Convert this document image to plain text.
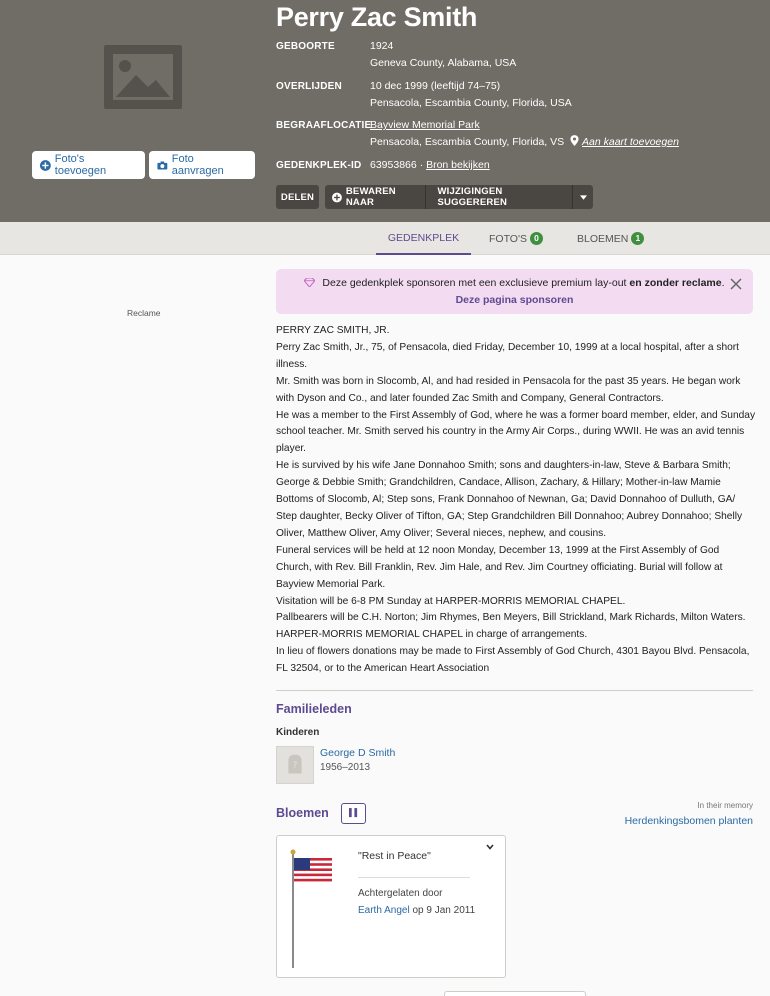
Foto's toevoegen
Foto aanvragen
Perry Zac Smith
GEBOORTE	1924
Geneva County, Alabama, USA
OVERLIJDEN	10 dec 1999 (leeftijd 74–75)
Pensacola, Escambia County, Florida, USA
BEGRAAFLOCATIE
Bayview Memorial Park
Pensacola, Escambia County, Florida, VS Aan kaart toevoegen
GEDENKPLEK-ID 63953866 · Bron bekijken
DELEN	BEWAREN NAAR
WIJZIGINGEN SUGGEREREN
GEDENKPLEK	FOTO'S 0	BLOEMEN 1
Reclame
Deze gedenkplek sponsoren met een exclusieve premium lay-out en zonder reclame.
Deze pagina sponsoren

PERRY ZAC SMITH, JR.

Perry Zac Smith, Jr., 75, of Pensacola, died Friday, December 10, 1999 at a local hospital, after a short illness.

Mr. Smith was born in Slocomb, Al, and had resided in Pensacola for the past 35 years. He began work with Dyson and Co., and later founded Zac Smith and Company, General Contractors.

He was a member to the First Assembly of God, where he was a former board member, elder, and Sunday school teacher. Mr. Smith served his country in the Army Air Corps., during WWII. He was an avid tennis player.

He is survived by his wife Jane Donnahoo Smith; sons and daughters-in-law, Steve & Barbara Smith; George & Debbie Smith; Grandchildren, Candace, Allison, Zachary, & Hillary; Mother-in-law Mamie Bottoms of Slocomb, Al; Step sons, Frank Donnahoo of Newnan, Ga; David Donnahoo of Dulluth, GA/ Step daughter, Becky Oliver of Tifton, GA; Step Grandchildren Bill Donnahoo; Aubrey Donnahoo; Shelly Oliver, Matthew Oliver, Amy Oliver; Several nieces, nephew, and cousins.

Funeral services will be held at 12 noon Monday, December 13, 1999 at the First Assembly of God Church, with Rev. Bill Franklin, Rev. Jim Hale, and Rev. Jim Courtney officiating. Burial will follow at Bayview Memorial Park.

Visitation will be 6-8 PM Sunday at HARPER-MORRIS MEMORIAL CHAPEL.

Pallbearers will be C.H. Norton; Jim Rhymes, Ben Meyers, Bill Strickland, Mark Richards, Milton Waters.

HARPER-MORRIS MEMORIAL CHAPEL in charge of arrangements.

In lieu of flowers donations may be made to First Assembly of God Church, 4301 Bayou Blvd. Pensacola, FL 32504, or to the American Heart Association

Familieleden
Kinderen
?
George D Smith
1956–2013
Bloemen
In their memory
Herdenkingsbomen planten
"Rest in Peace"
Achtergelaten door
Earth Angel op 9 Jan 2011
